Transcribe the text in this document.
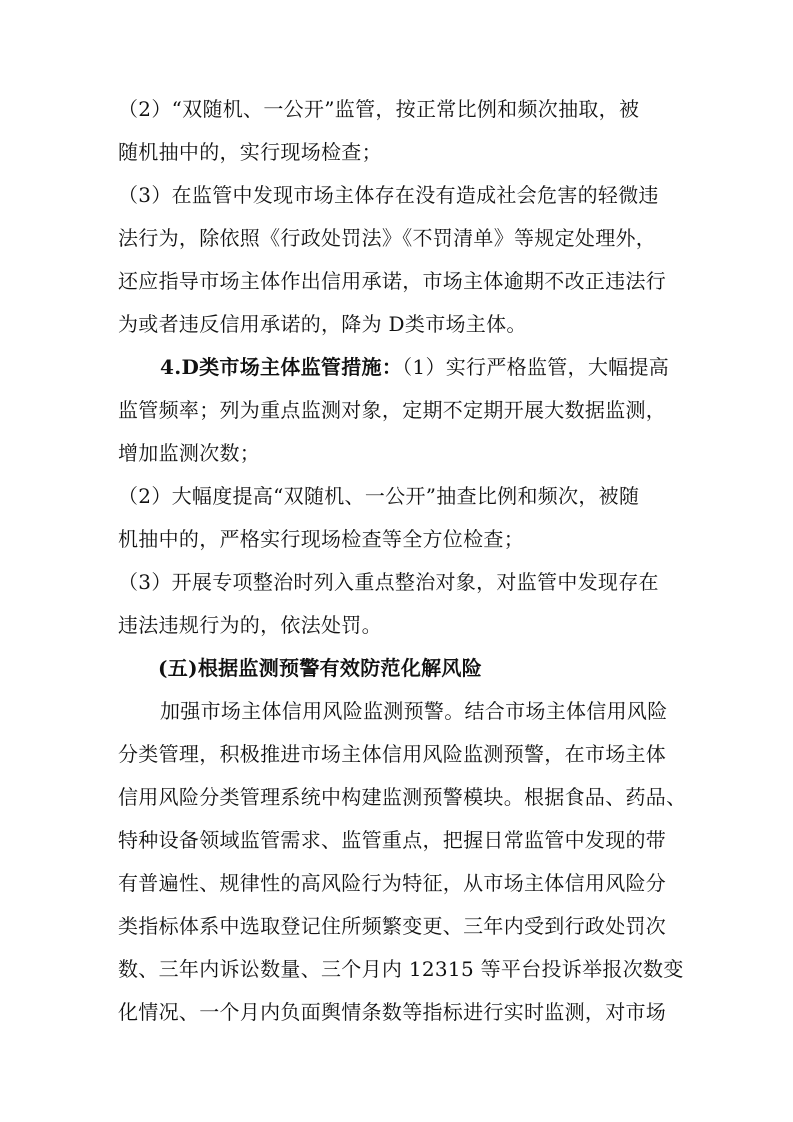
（2）“双随机、一公开”监管，按正常比例和频次抽取，被
随机抽中的，实行现场检查；
（3）在监管中发现市场主体存在没有造成社会危害的轻微违
法行为，除依照《行政处罚法》《不罚清单》等规定处理外，
还应指导市场主体作出信用承诺，市场主体逾期不改正违法行
为或者违反信用承诺的，降为 D类市场主体。
4.D类市场主体监管措施：（1）实行严格监管，大幅提高
监管频率；列为重点监测对象，定期不定期开展大数据监测，
增加监测次数；
（2）大幅度提高“双随机、一公开”抽查比例和频次，被随
机抽中的，严格实行现场检查等全方位检查；
（3）开展专项整治时列入重点整治对象，对监管中发现存在
违法违规行为的，依法处罚。
(五)根据监测预警有效防范化解风险
加强市场主体信用风险监测预警。结合市场主体信用风险
分类管理，积极推进市场主体信用风险监测预警，在市场主体
信用风险分类管理系统中构建监测预警模块。根据食品、药品、
特种设备领域监管需求、监管重点，把握日常监管中发现的带
有普遍性、规律性的高风险行为特征，从市场主体信用风险分
类指标体系中选取登记住所频繁变更、三年内受到行政处罚次
数、三年内诉讼数量、三个月内 12315 等平台投诉举报次数变
化情况、一个月内负面舆情条数等指标进行实时监测，对市场
